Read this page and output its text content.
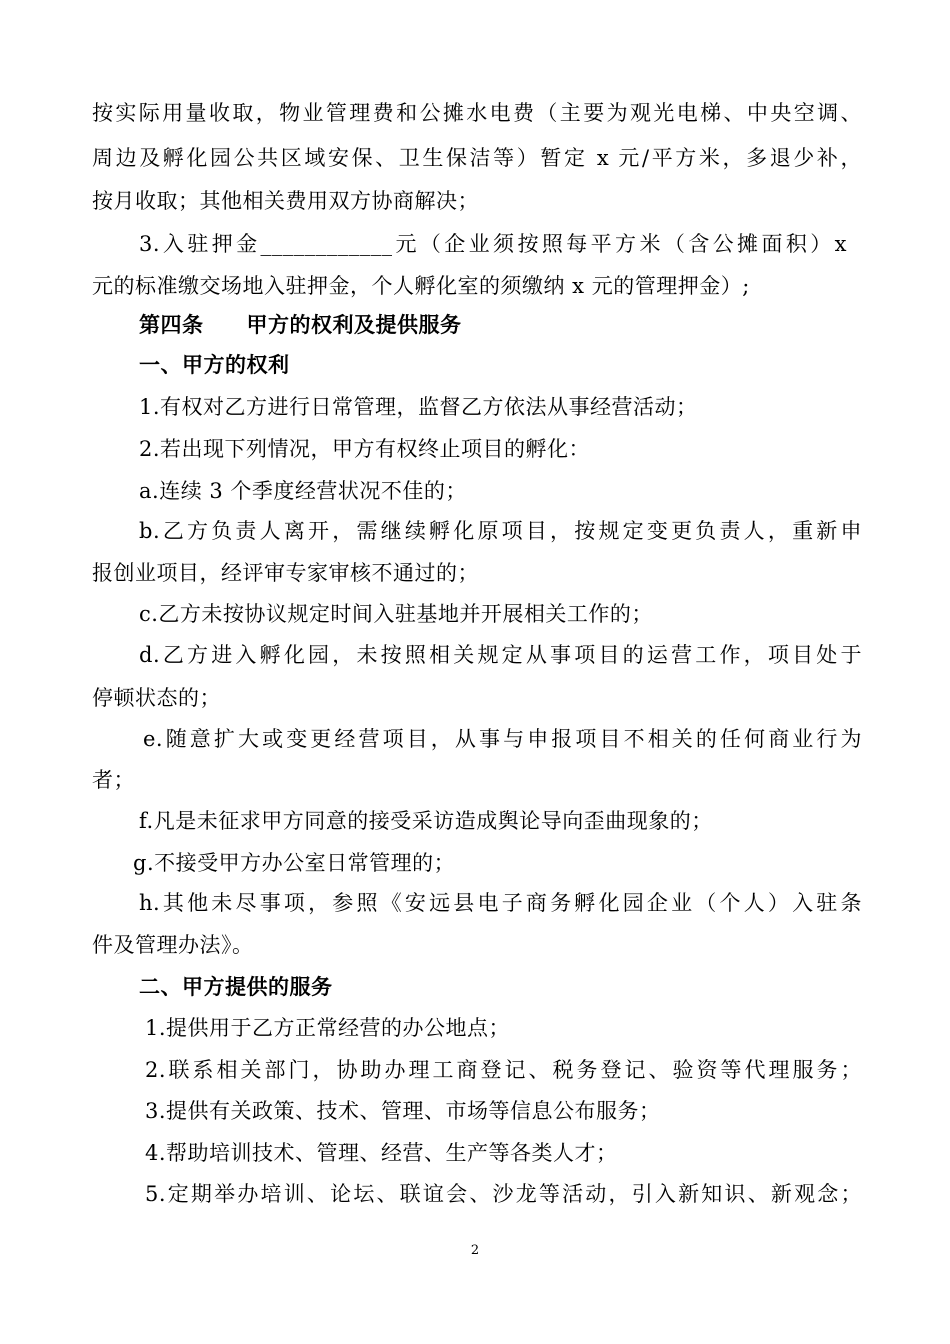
按实际用量收取，物业管理费和公摊水电费（主要为观光电梯、中央空调、
周边及孵化园公共区域安保、卫生保洁等）暂定 x 元/平方米，多退少补，
按月收取；其他相关费用双方协商解决；
3.入驻押金____________元（企业须按照每平方米（含公摊面积）x
元的标准缴交场地入驻押金，个人孵化室的须缴纳 x 元的管理押金）;
第四条　　甲方的权利及提供服务
一、甲方的权利
1.有权对乙方进行日常管理，监督乙方依法从事经营活动；
2.若出现下列情况，甲方有权终止项目的孵化：
a.连续 3 个季度经营状况不佳的；
b.乙方负责人离开，需继续孵化原项目，按规定变更负责人，重新申
报创业项目，经评审专家审核不通过的；
c.乙方未按协议规定时间入驻基地并开展相关工作的；
d.乙方进入孵化园，未按照相关规定从事项目的运营工作，项目处于
停顿状态的；
e.随意扩大或变更经营项目，从事与申报项目不相关的任何商业行为
者；
f.凡是未征求甲方同意的接受采访造成舆论导向歪曲现象的；
g.不接受甲方办公室日常管理的；
h.其他未尽事项，参照《安远县电子商务孵化园企业（个人）入驻条
件及管理办法》。
二、甲方提供的服务
1.提供用于乙方正常经营的办公地点；
2.联系相关部门，协助办理工商登记、税务登记、验资等代理服务；
3.提供有关政策、技术、管理、市场等信息公布服务；
4.帮助培训技术、管理、经营、生产等各类人才；
5.定期举办培训、论坛、联谊会、沙龙等活动，引入新知识、新观念；
2
